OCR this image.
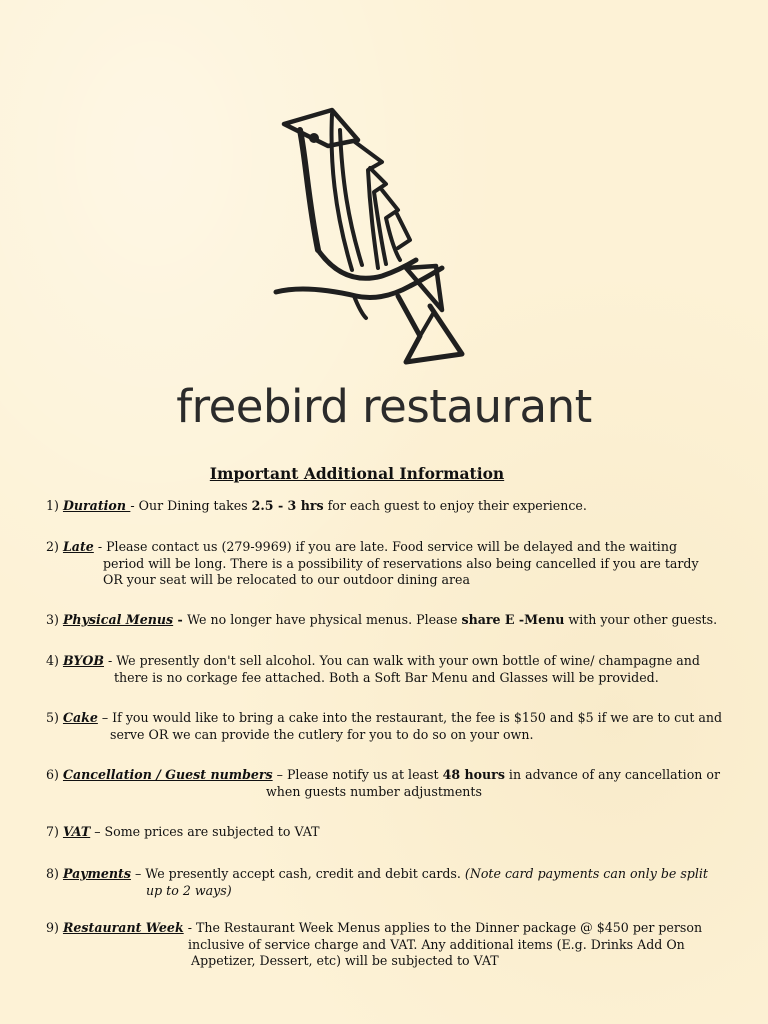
freebird restaurant
Important Additional Information
1) Duration - Our Dining takes 2.5 - 3 hrs for each guest to enjoy their experience.
2) Late - Please contact us (279-9969) if you are late. Food service will be delayed and the waiting
period will be long. There is a possibility of reservations also being cancelled if you are tardy
OR your seat will be relocated to our outdoor dining area
3) Physical Menus - We no longer have physical menus. Please share E -Menu with your other guests.
4) BYOB - We presently don't sell alcohol. You can walk with your own bottle of wine/ champagne and
there is no corkage fee attached. Both a Soft Bar Menu and Glasses will be provided.
5) Cake – If you would like to bring a cake into the restaurant, the fee is $150 and $5 if we are to cut and
serve OR we can provide the cutlery for you to do so on your own.
6) Cancellation / Guest numbers – Please notify us at least 48 hours in advance of any cancellation or
when guests number adjustments
7) VAT – Some prices are subjected to VAT
8) Payments – We presently accept cash, credit and debit cards. (Note card payments can only be split
up to 2 ways)
9) Restaurant Week - The Restaurant Week Menus applies to the Dinner package @ $450 per person
inclusive of service charge and VAT. Any additional items (E.g. Drinks Add On
Appetizer, Dessert, etc) will be subjected to VAT
